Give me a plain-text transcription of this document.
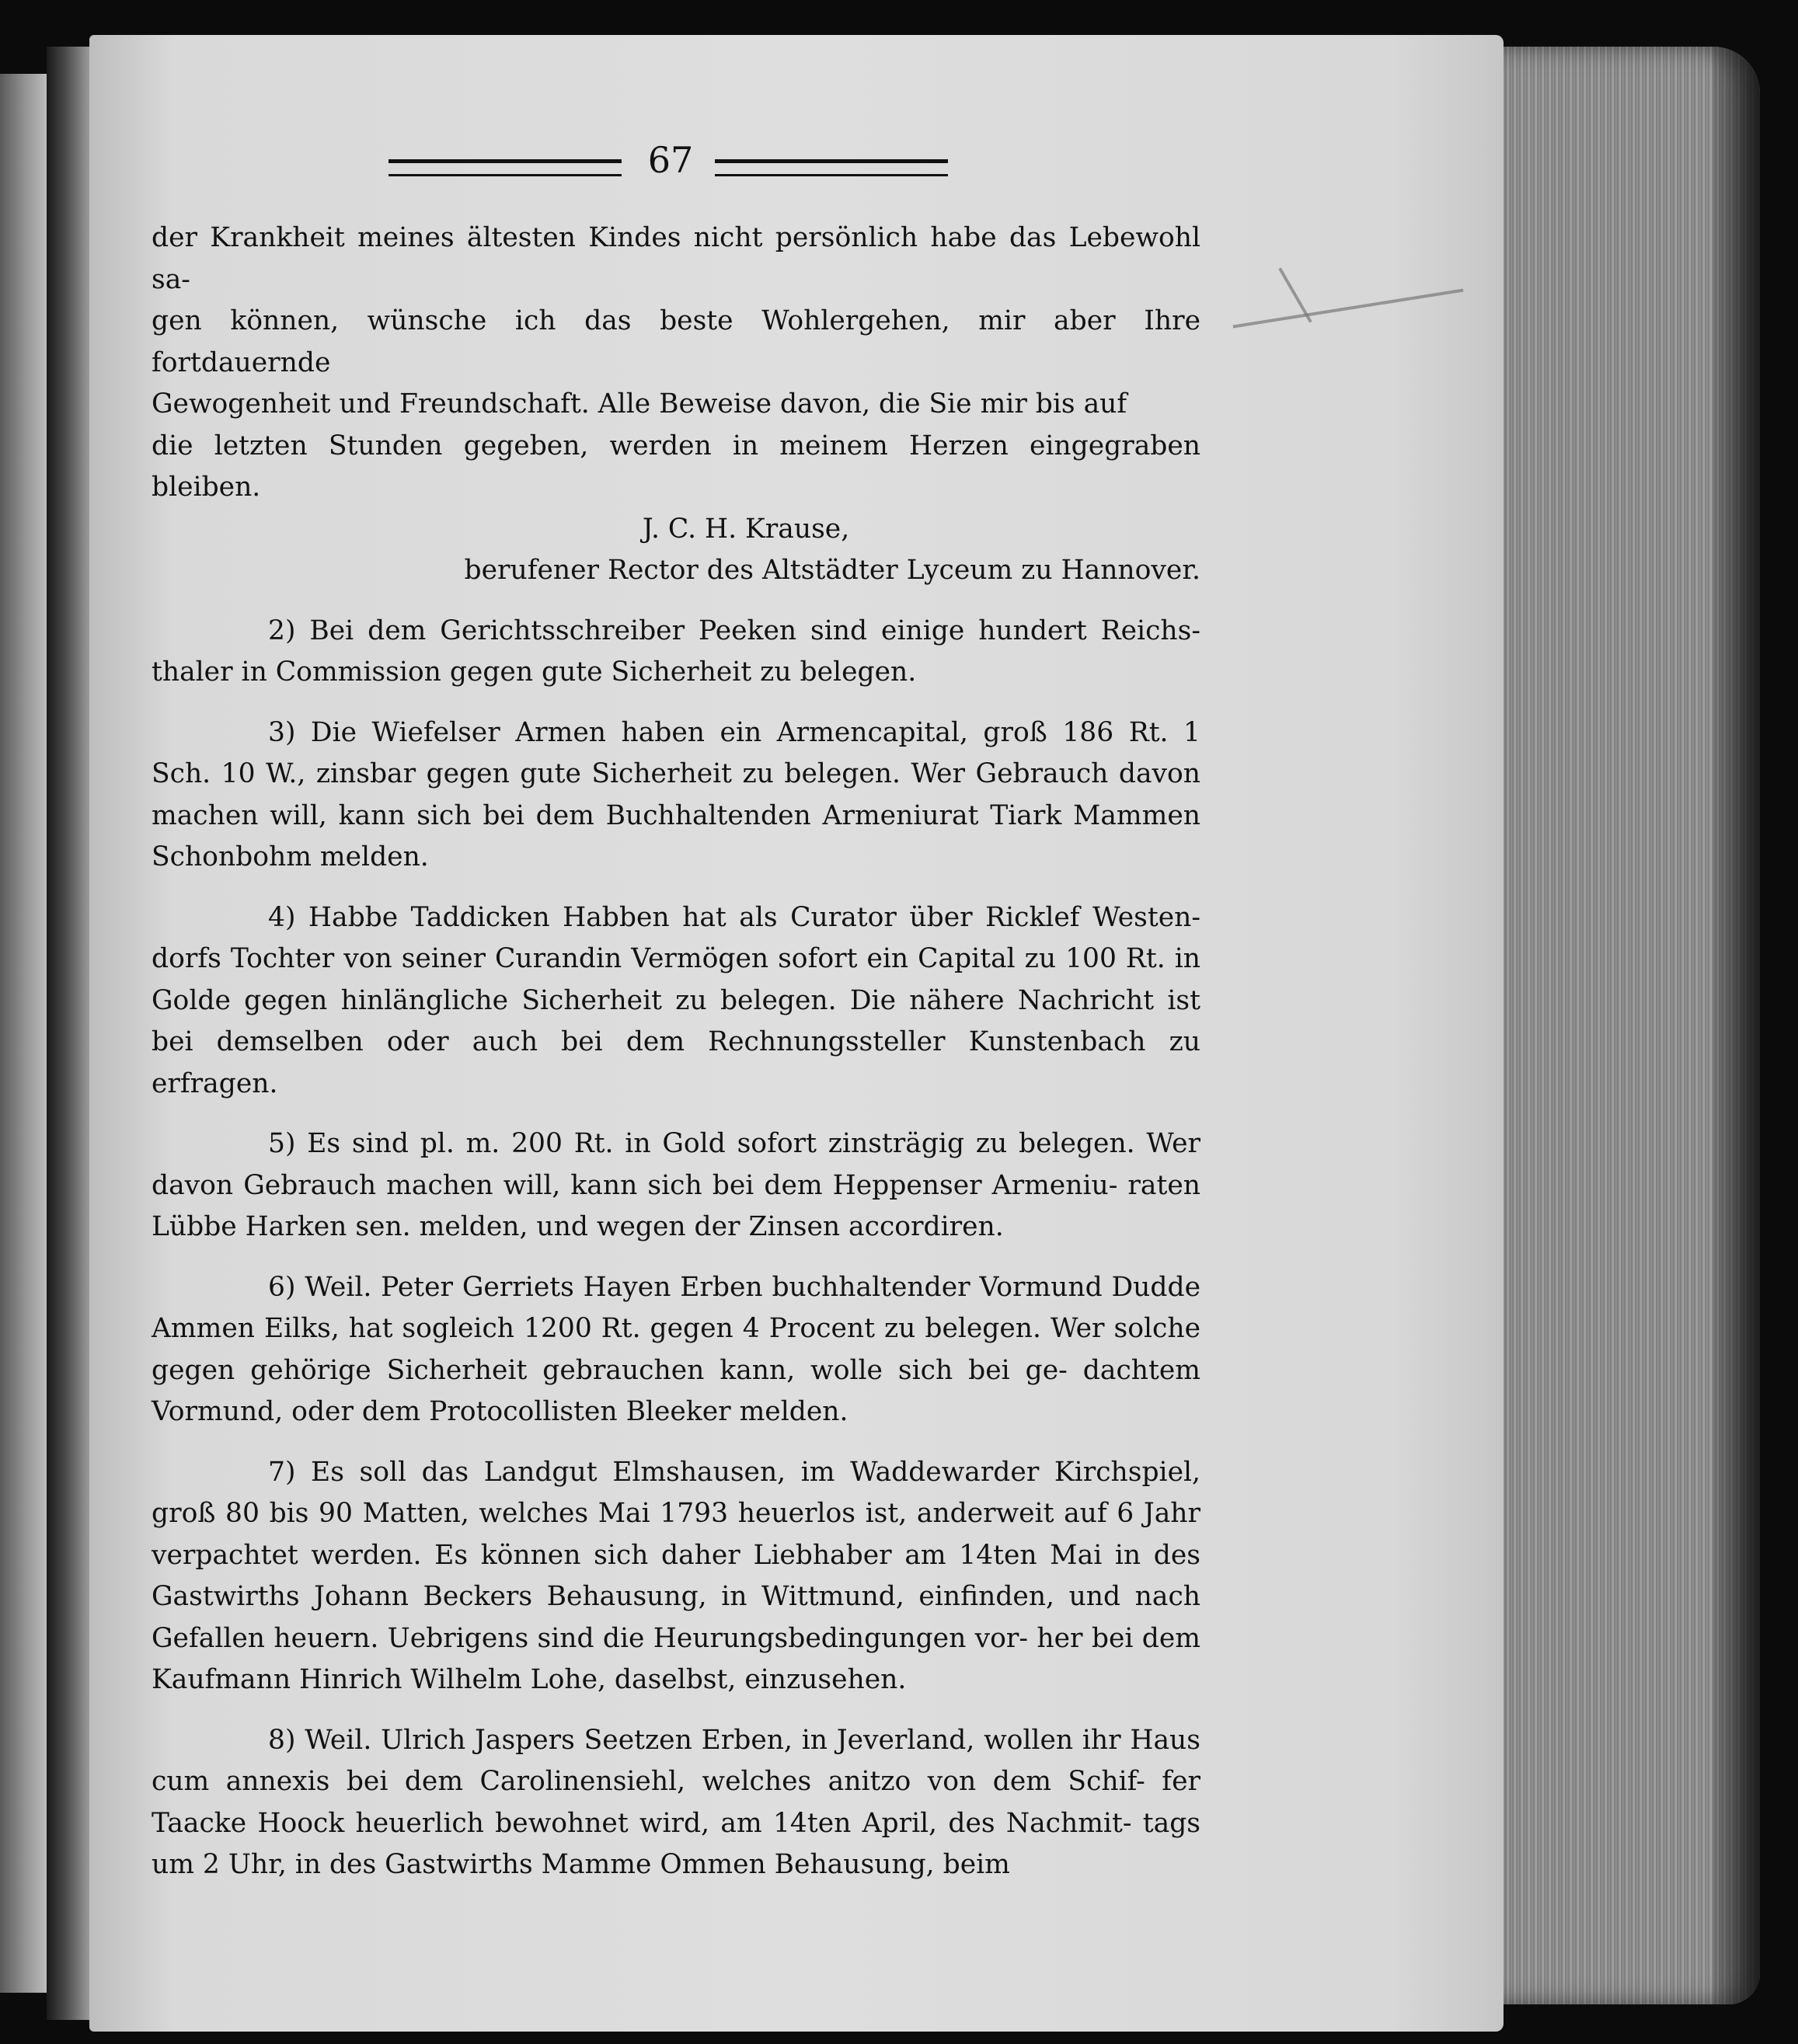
67

der Krankheit meines ältesten Kindes nicht persönlich habe das Lebewohl sa-

gen können, wünsche ich das beste Wohlergehen, mir aber Ihre fortdauernde

Gewogenheit und Freundschaft. Alle Beweise davon, die Sie mir bis auf

die letzten Stunden gegeben, werden in meinem Herzen eingegraben bleiben.

J. C. H. Krause,

berufener Rector des Altstädter Lyceum zu Hannover.

2) Bei dem Gerichtsschreiber Peeken sind einige hundert Reichs- thaler in Commission gegen gute Sicherheit zu belegen.

3) Die Wiefelser Armen haben ein Armencapital, groß 186 Rt. 1 Sch. 10 W., zinsbar gegen gute Sicherheit zu belegen. Wer Gebrauch davon machen will, kann sich bei dem Buchhaltenden Armeniurat Tiark Mammen Schonbohm melden.

4) Habbe Taddicken Habben hat als Curator über Ricklef Westen- dorfs Tochter von seiner Curandin Vermögen sofort ein Capital zu 100 Rt. in Golde gegen hinlängliche Sicherheit zu belegen. Die nähere Nachricht ist bei demselben oder auch bei dem Rechnungssteller Kunstenbach zu erfragen.

5) Es sind pl. m. 200 Rt. in Gold sofort zinsträgig zu belegen. Wer davon Gebrauch machen will, kann sich bei dem Heppenser Armeniu- raten Lübbe Harken sen. melden, und wegen der Zinsen accordiren.

6) Weil. Peter Gerriets Hayen Erben buchhaltender Vormund Dudde Ammen Eilks, hat sogleich 1200 Rt. gegen 4 Procent zu belegen. Wer solche gegen gehörige Sicherheit gebrauchen kann, wolle sich bei ge- dachtem Vormund, oder dem Protocollisten Bleeker melden.

7) Es soll das Landgut Elmshausen, im Waddewarder Kirchspiel, groß 80 bis 90 Matten, welches Mai 1793 heuerlos ist, anderweit auf 6 Jahr verpachtet werden. Es können sich daher Liebhaber am 14ten Mai in des Gastwirths Johann Beckers Behausung, in Wittmund, einfinden, und nach Gefallen heuern. Uebrigens sind die Heurungsbedingungen vor- her bei dem Kaufmann Hinrich Wilhelm Lohe, daselbst, einzusehen.

8) Weil. Ulrich Jaspers Seetzen Erben, in Jeverland, wollen ihr Haus cum annexis bei dem Carolinensiehl, welches anitzo von dem Schif- fer Taacke Hoock heuerlich bewohnet wird, am 14ten April, des Nachmit- tags um 2 Uhr, in des Gastwirths Mamme Ommen Behausung, beim
